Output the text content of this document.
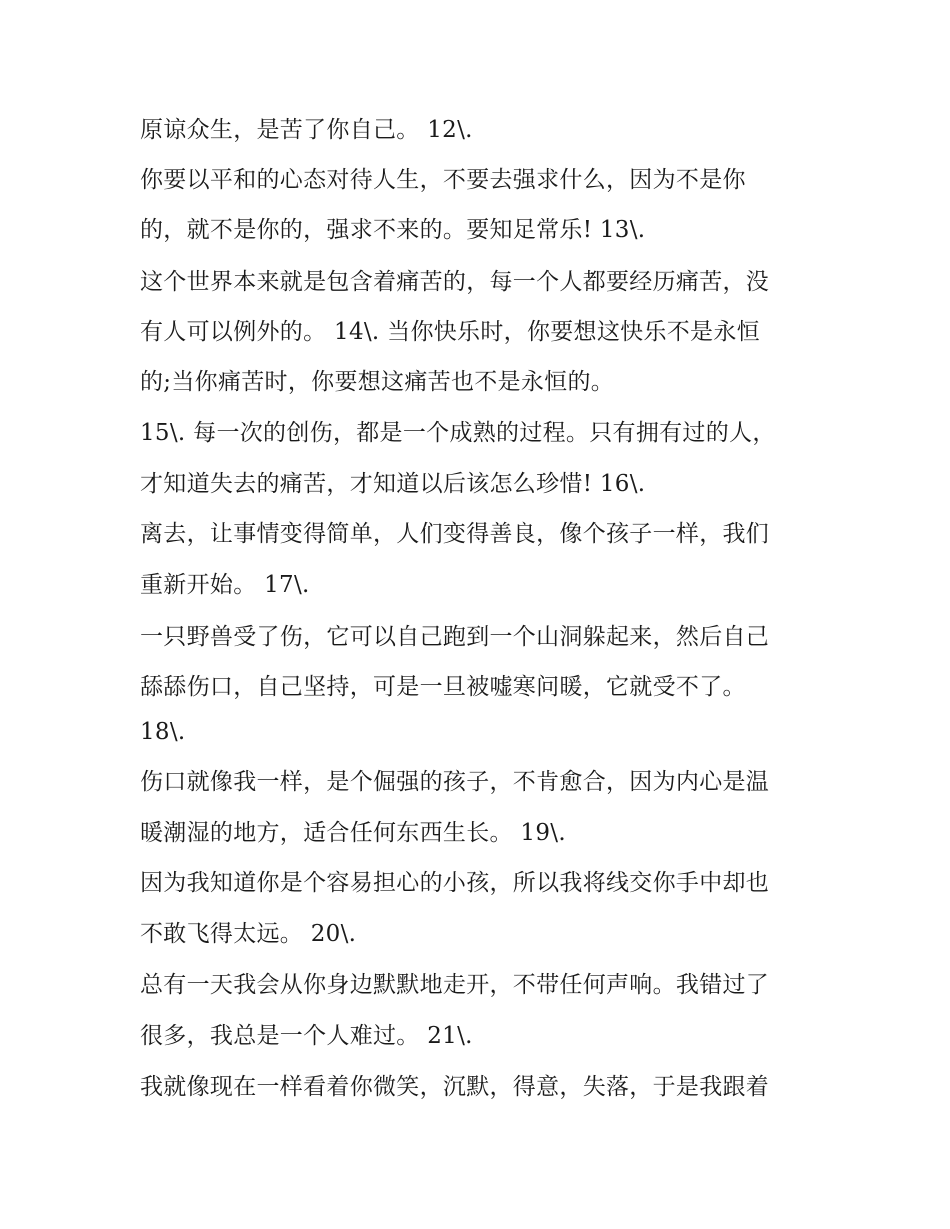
原谅众生，是苦了你自己。 12\.

你要以平和的心态对待人生，不要去强求什么，因为不是你

的，就不是你的，强求不来的。要知足常乐! 13\.

这个世界本来就是包含着痛苦的，每一个人都要经历痛苦，没

有人可以例外的。 14\. 当你快乐时，你要想这快乐不是永恒

的;当你痛苦时，你要想这痛苦也不是永恒的。

15\. 每一次的创伤，都是一个成熟的过程。只有拥有过的人，

才知道失去的痛苦，才知道以后该怎么珍惜! 16\.

离去，让事情变得简单，人们变得善良，像个孩子一样，我们

重新开始。 17\.

一只野兽受了伤，它可以自己跑到一个山洞躲起来，然后自己

舔舔伤口，自己坚持，可是一旦被嘘寒问暖，它就受不了。

18\.

伤口就像我一样，是个倔强的孩子，不肯愈合，因为内心是温

暖潮湿的地方，适合任何东西生长。 19\.

因为我知道你是个容易担心的小孩，所以我将线交你手中却也

不敢飞得太远。 20\.

总有一天我会从你身边默默地走开，不带任何声响。我错过了

很多，我总是一个人难过。 21\.

我就像现在一样看着你微笑，沉默，得意，失落，于是我跟着
